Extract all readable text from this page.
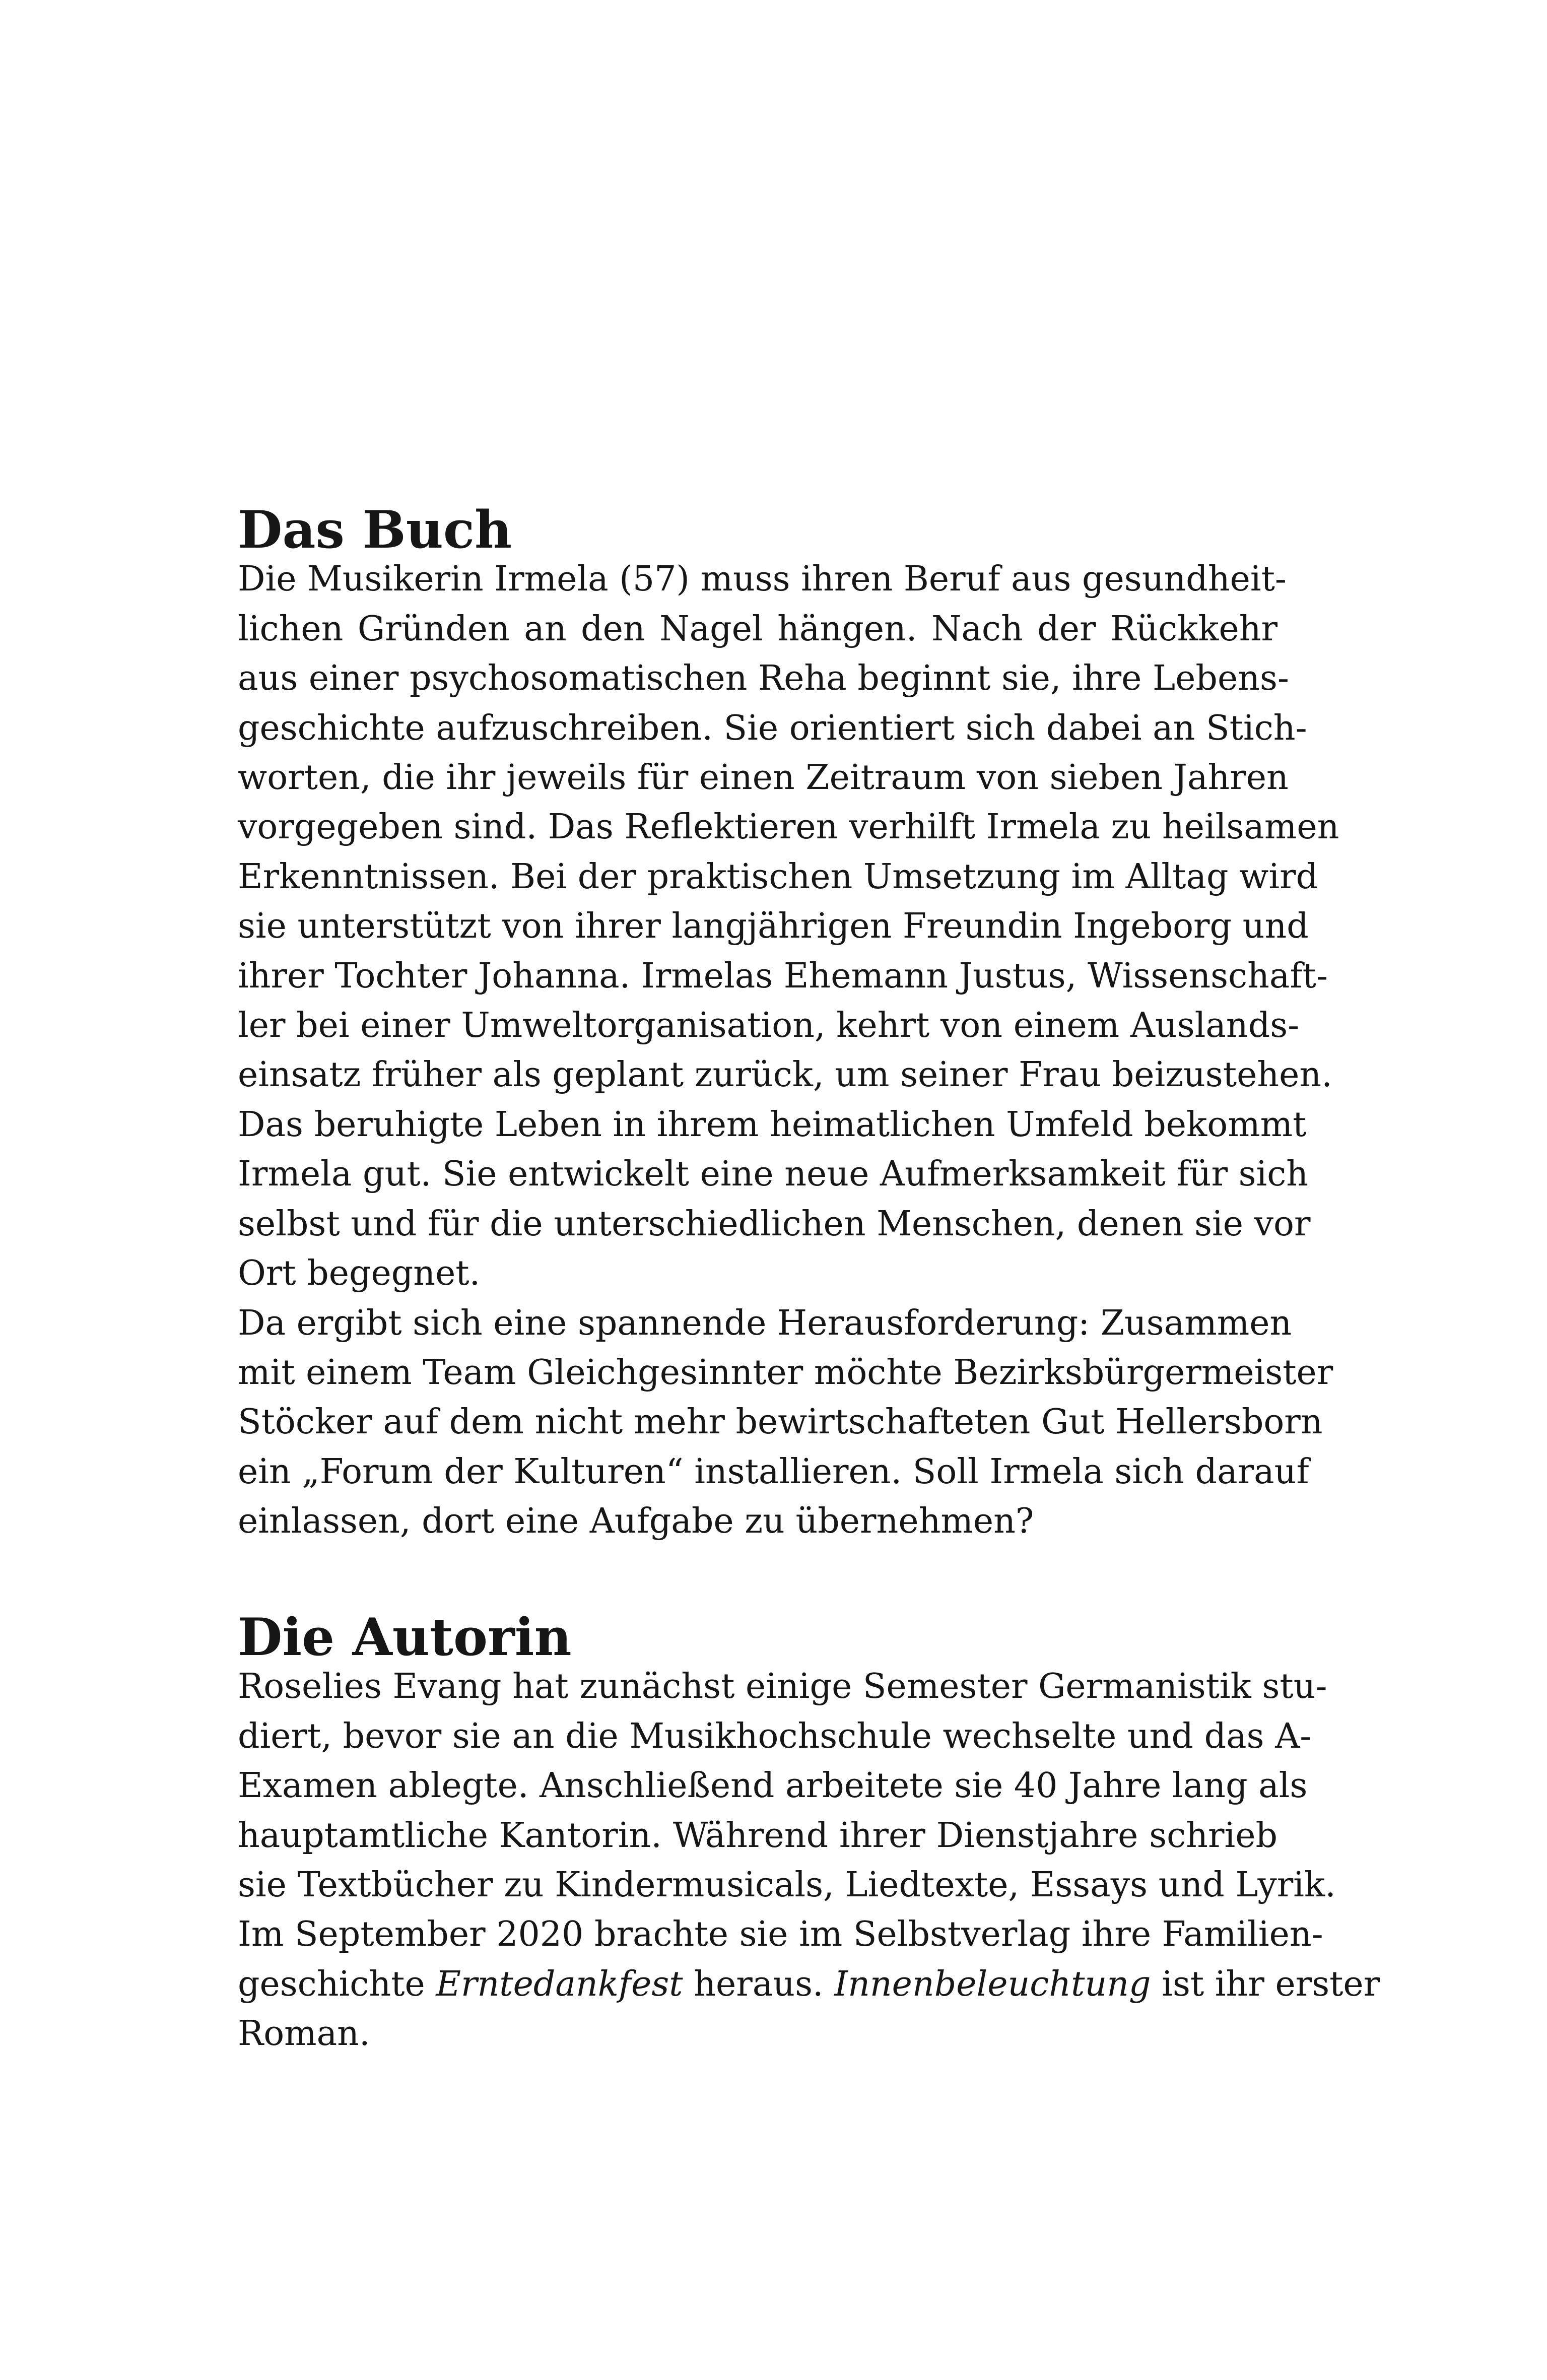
Das Buch

Die Musikerin Irmela (57) muss ihren Beruf aus gesundheit-
lichen Gründen an den Nagel hängen. Nach der Rückkehr
aus einer psychosomatischen Reha beginnt sie, ihre Lebens-
geschichte aufzuschreiben. Sie orientiert sich dabei an Stich-
worten, die ihr jeweils für einen Zeitraum von sieben Jahren
vorgegeben sind. Das Reflektieren verhilft Irmela zu heilsamen
Erkenntnissen. Bei der praktischen Umsetzung im Alltag wird
sie unterstützt von ihrer langjährigen Freundin Ingeborg und
ihrer Tochter Johanna. Irmelas Ehemann Justus, Wissenschaft-
ler bei einer Umweltorganisation, kehrt von einem Auslands-
einsatz früher als geplant zurück, um seiner Frau beizustehen.
Das beruhigte Leben in ihrem heimatlichen Umfeld bekommt
Irmela gut. Sie entwickelt eine neue Aufmerksamkeit für sich
selbst und für die unterschiedlichen Menschen, denen sie vor
Ort begegnet.

Da ergibt sich eine spannende Herausforderung: Zusammen
mit einem Team Gleichgesinnter möchte Bezirksbürgermeister
Stöcker auf dem nicht mehr bewirtschafteten Gut Hellersborn
ein „Forum der Kulturen“ installieren. Soll Irmela sich darauf
einlassen, dort eine Aufgabe zu übernehmen?

Die Autorin

Roselies Evang hat zunächst einige Semester Germanistik stu-
diert, bevor sie an die Musikhochschule wechselte und das A-
Examen ablegte. Anschließend arbeitete sie 40 Jahre lang als
hauptamtliche Kantorin. Während ihrer Dienstjahre schrieb
sie Textbücher zu Kindermusicals, Liedtexte, Essays und Lyrik.
Im September 2020 brachte sie im Selbstverlag ihre Familien-
geschichte Erntedankfest heraus. Innenbeleuchtung ist ihr erster
Roman.
